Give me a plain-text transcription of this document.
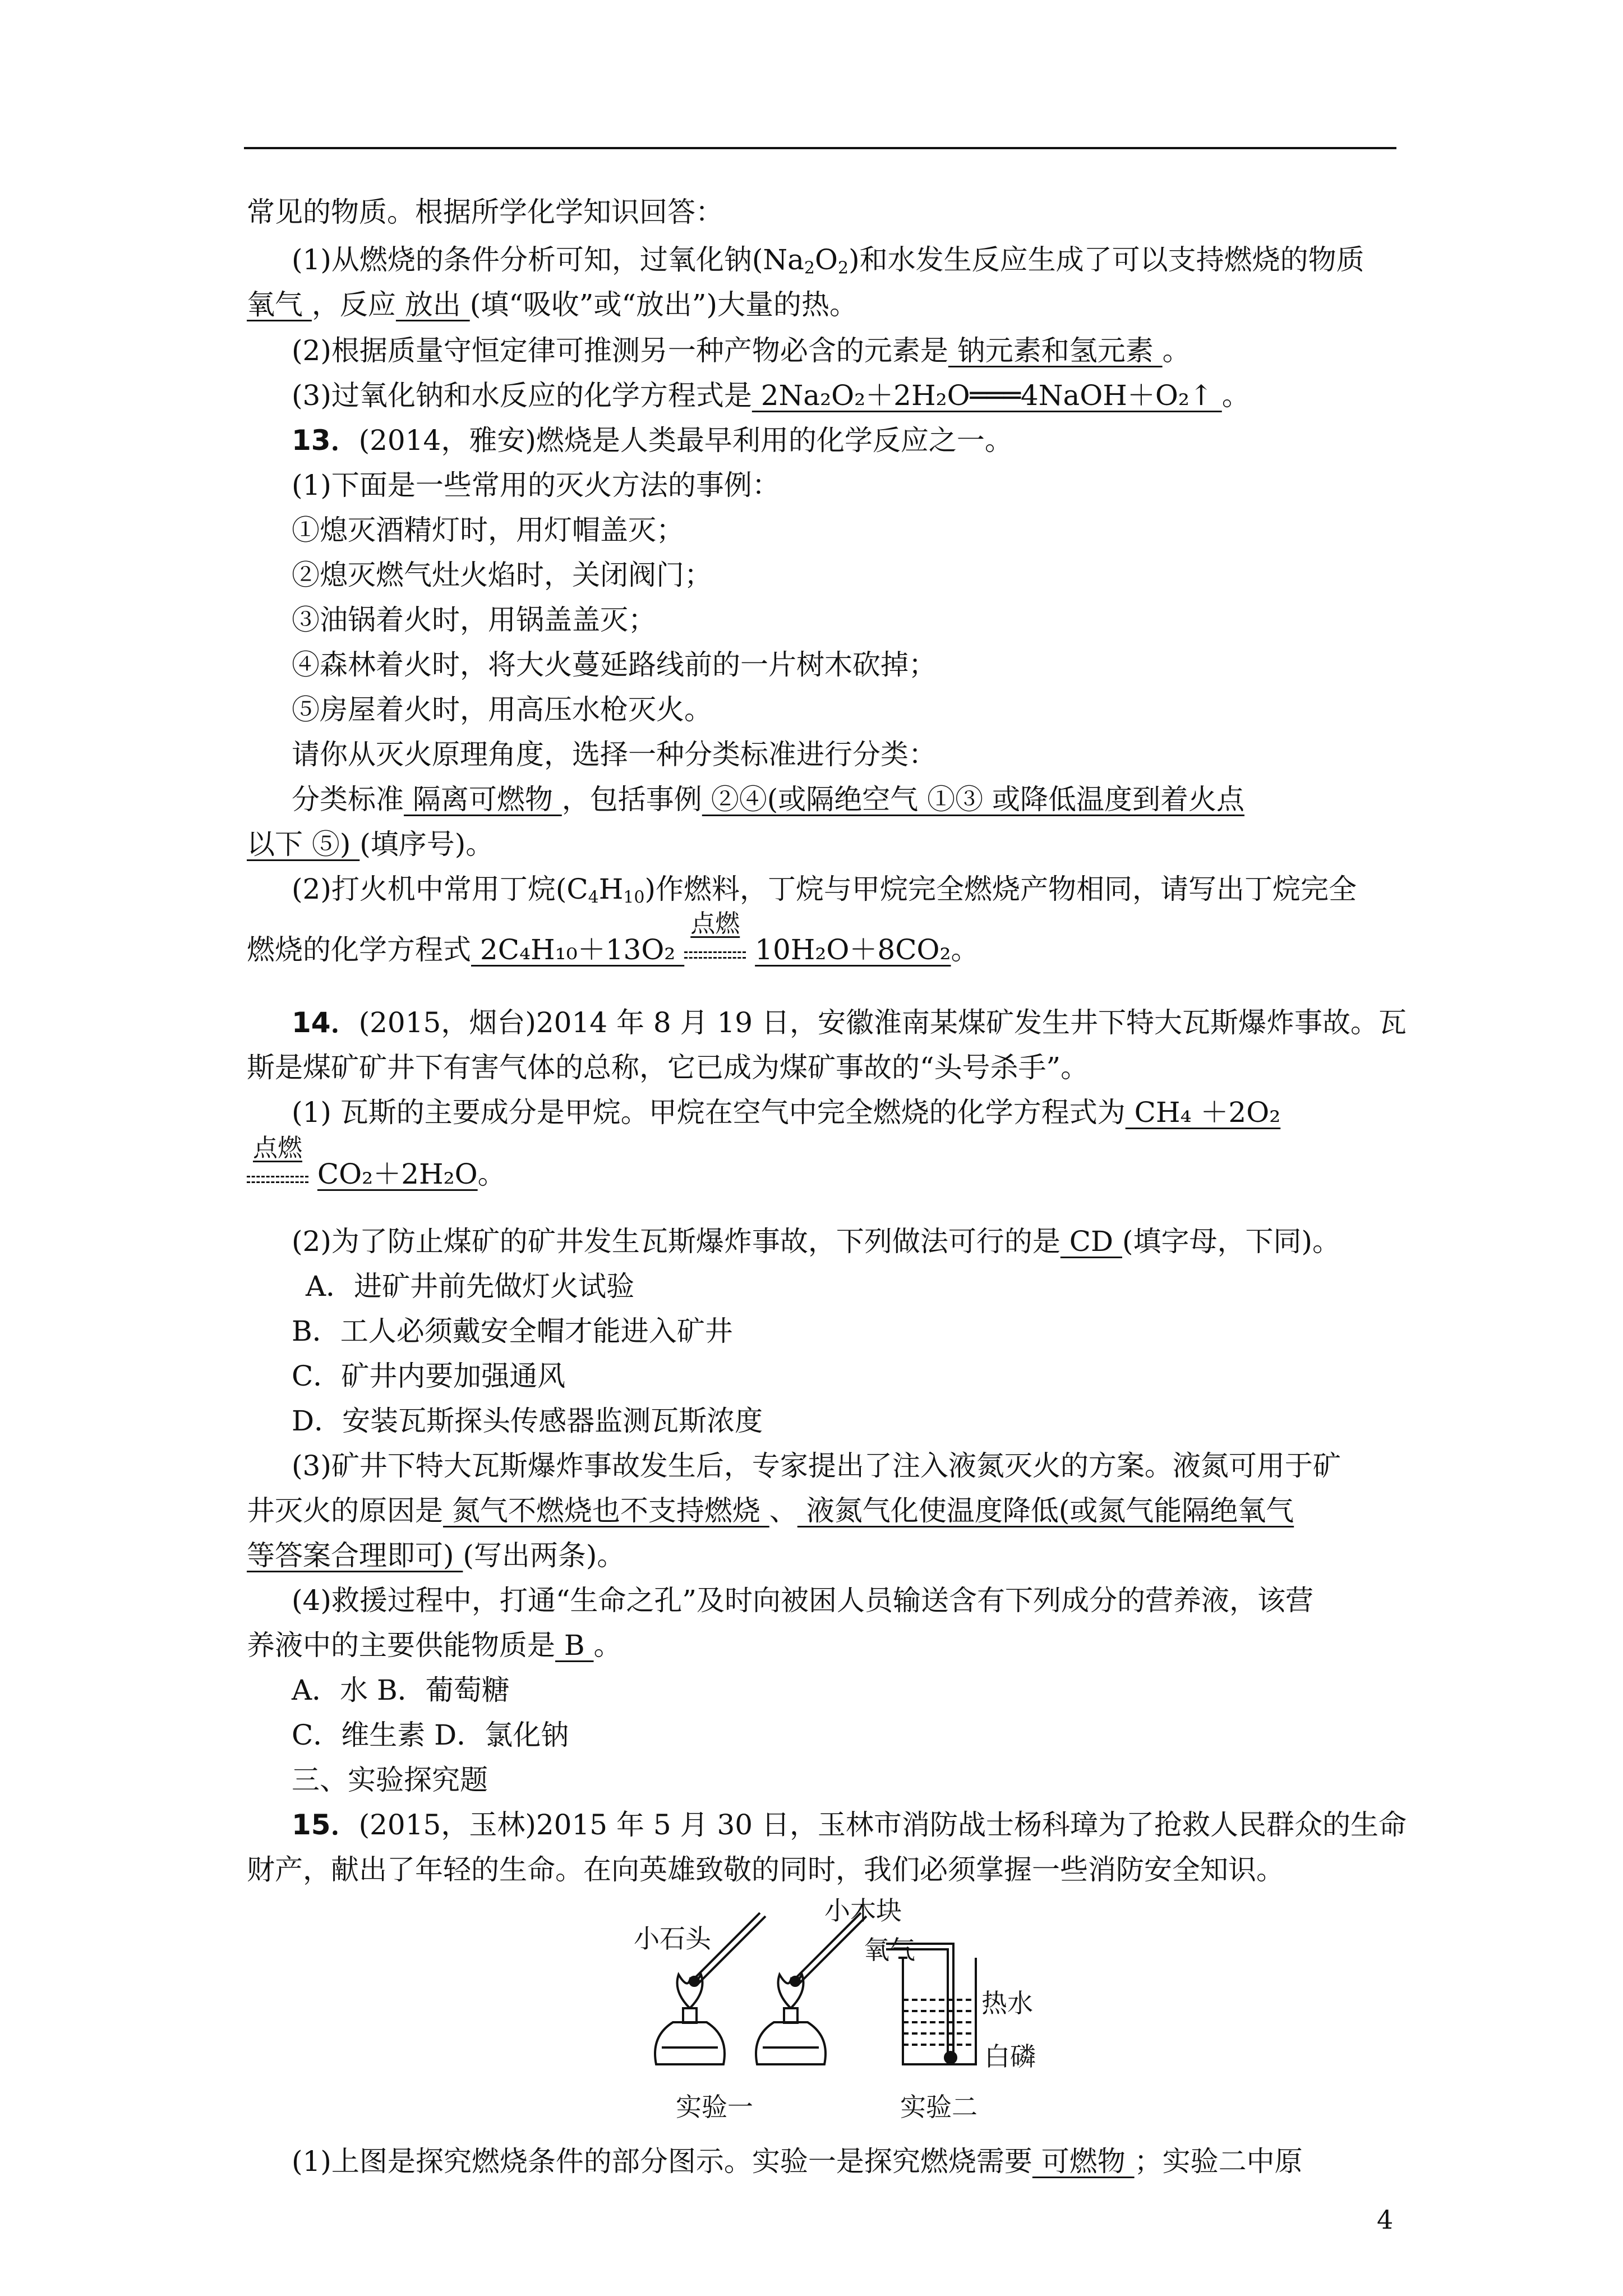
常见的物质。根据所学化学知识回答：
(1)从燃烧的条件分析可知，过氧化钠$(Na_2O_2)$和水发生反应生成了可以支持燃烧的物质
氧气 ，反应 放出 (填“吸收”或“放出”)大量的热。
(2)根据质量守恒定律可推测另一种产物必含的元素是 钠元素和氢元素 。
(3)过氧化钠和水反应的化学方程式是 2Na₂O₂＋2H₂O═══4NaOH＋O₂↑ 。
13．(2014，雅安)燃烧是人类最早利用的化学反应之一。
(1)下面是一些常用的灭火方法的事例：
①熄灭酒精灯时，用灯帽盖灭；
②熄灭燃气灶火焰时，关闭阀门；
③油锅着火时，用锅盖盖灭；
④森林着火时，将大火蔓延路线前的一片树木砍掉；
⑤房屋着火时，用高压水枪灭火。
请你从灭火原理角度，选择一种分类标准进行分类：
分类标准 隔离可燃物 ，包括事例 ②④(或隔绝空气 ①③ 或降低温度到着火点
以下 ⑤) (填序号)。
(2)打火机中常用丁烷$(C_4H_{10})$作燃料，丁烷与甲烷完全燃烧产物相同，请写出丁烷完全
燃烧的化学方程式 2C₄H₁₀＋13O₂
点燃
10H₂O＋8CO₂。
14．(2015，烟台)2014 年 8 月 19 日，安徽淮南某煤矿发生井下特大瓦斯爆炸事故。瓦
斯是煤矿矿井下有害气体的总称，它已成为煤矿事故的“头号杀手”。
(1) 瓦斯的主要成分是甲烷。甲烷在空气中完全燃烧的化学方程式为 CH₄ ＋2O₂
点燃
CO₂＋2H₂O。
(2)为了防止煤矿的矿井发生瓦斯爆炸事故，下列做法可行的是 CD (填字母，下同)。
A．进矿井前先做灯火试验
B．工人必须戴安全帽才能进入矿井
C．矿井内要加强通风
D．安装瓦斯探头传感器监测瓦斯浓度
(3)矿井下特大瓦斯爆炸事故发生后，专家提出了注入液氮灭火的方案。液氮可用于矿
井灭火的原因是 氮气不燃烧也不支持燃烧 、 液氮气化使温度降低(或氮气能隔绝氧气
等答案合理即可) (写出两条)。
(4)救援过程中，打通“生命之孔”及时向被困人员输送含有下列成分的营养液，该营
养液中的主要供能物质是 B 。
A．水 B．葡萄糖
C．维生素 D．氯化钠
三、实验探究题
15．(2015，玉林)2015 年 5 月 30 日，玉林市消防战士杨科璋为了抢救人民群众的生命
财产，献出了年轻的生命。在向英雄致敬的同时，我们必须掌握一些消防安全知识。
小石头
小木块
氧气
热水
白磷
实验一	实验二
(1)上图是探究燃烧条件的部分图示。实验一是探究燃烧需要 可燃物 ；实验二中原
4
